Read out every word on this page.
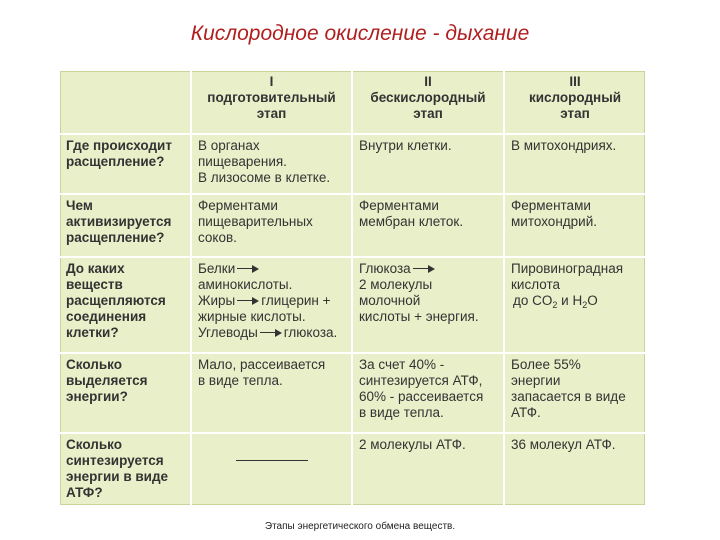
Кислородное окисление - дыхание

	I
подготовительный
этап	II
бескислородный
этап	III
кислородный
этап

Где происходит
расщепление?	В органах
пищеварения.
В лизосоме в клетке.	Внутри клетки.	В митохондриях.

Чем
активизируется
расщепление?	Ферментами
пищеварительных
соков.	Ферментами
мембран клеток.	Ферментами
митохондрий.

До каких
веществ
расщепляются
соединения
клетки?	Белки
аминокислоты.
Жиры глицерин +
жирные кислоты.
Углеводы глюкоза.	Глюкоза
2 молекулы
молочной
кислоты + энергия.	Пировиноградная
кислота
до $CO_2$ и $H_2O$

Сколько
выделяется
энергии?	Мало, рассеивается
в виде тепла.	За счет 40% -
синтезируется АТФ,
60% - рассеивается
в виде тепла.	Более 55%
энергии
запасается в виде
АТФ.

Сколько
синтезируется
энергии в виде
АТФ?		2 молекулы АТФ.	36 молекул АТФ.
Этапы энергетического обмена веществ.
